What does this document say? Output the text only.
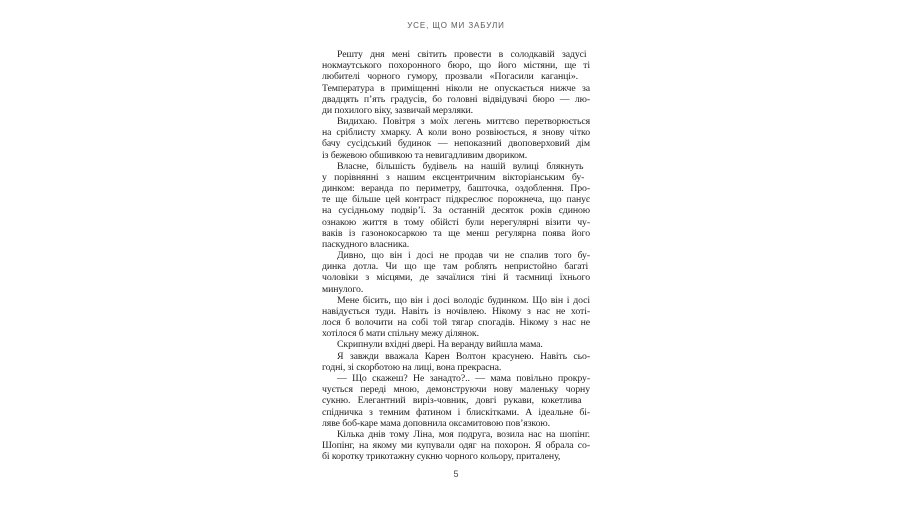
УСЕ, ЩО МИ ЗАБУЛИ
Решту дня мені світить провести в солодкавій задусі
нокмаутського похоронного бюро, що його містяни, ще ті
любителі чорного гумору, прозвали «Погасили каганці».
Температура в приміщенні ніколи не опускається нижче за
двадцять п’ять градусів, бо головні відвідувачі бюро — лю-
ди похилого віку, зазвичай мерзляки.
Видихаю. Повітря з моїх легень миттєво перетворюється
на сріблисту хмарку. А коли воно розвіюється, я знову чітко
бачу сусідський будинок — непоказний двоповерховий дім
із бежевою обшивкою та невигадливим двориком.
Власне, більшість будівель на нашій вулиці блякнуть
у порівнянні з нашим ексцентричним вікторіанським бу-
динком: веранда по периметру, башточка, оздоблення. Про-
те ще більше цей контраст підкреслює порожнеча, що панує
на сусідньому подвір’ї. За останній десяток років єдиною
ознакою життя в тому обійсті були нерегулярні візити чу-
ваків із газонокосаркою та ще менш регулярна поява його
паскудного власника.
Дивно, що він і досі не продав чи не спалив того бу-
динка дотла. Чи що ще там роблять непристойно багаті
чоловіки з місцями, де зачаїлися тіні й таємниці їхнього
минулого.
Мене бісить, що він і досі володіє будинком. Що він і досі
навідується туди. Навіть із ночівлею. Нікому з нас не хоті-
лося б волочити на собі той тягар спогадів. Нікому з нас не
хотілося б мати спільну межу ділянок.
Скрипнули вхідні двері. На веранду вийшла мама.
Я завжди вважала Карен Волтон красунею. Навіть сьо-
годні, зі скорботою на лиці, вона прекрасна.
— Що скажеш? Не занадто?.. — мама повільно прокру-
чується переді мною, демонструючи нову маленьку чорну
сукню. Елегантний виріз-човник, довгі рукави, кокетлива
спідничка з темним фатином і блискітками. А ідеальне бі-
ляве боб-каре мама доповнила оксамитовою пов’язкою.
Кілька днів тому Ліна, моя подруга, возила нас на шопінг.
Шопінг, на якому ми купували одяг на похорон. Я обрала со-
бі коротку трикотажну сукню чорного кольору, приталену,
5
